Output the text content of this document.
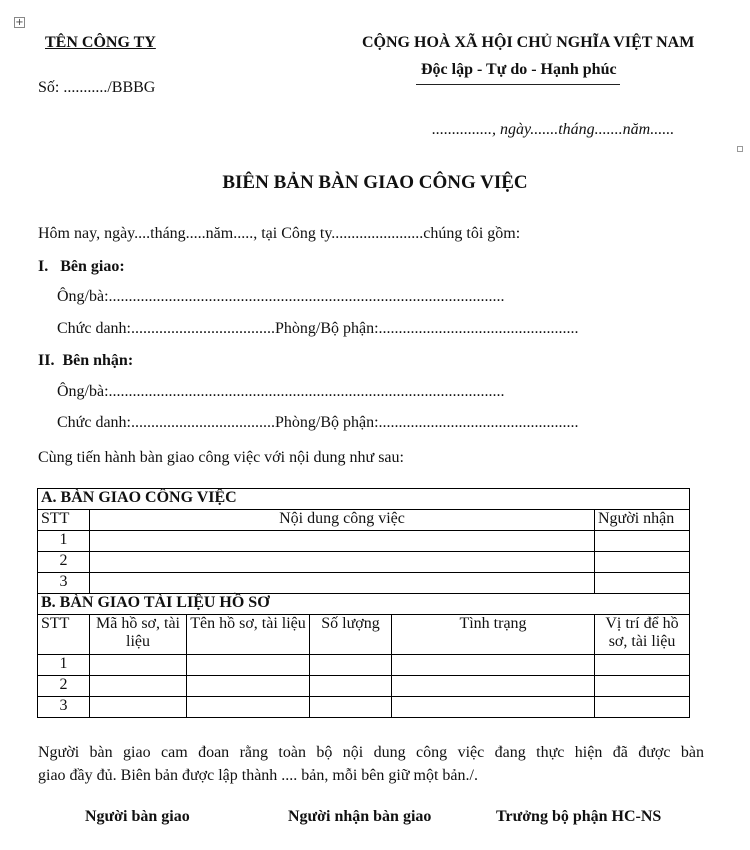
+
TÊN CÔNG TY
Số: .........../BBBG
CỘNG HOÀ XÃ HỘI CHỦ NGHĨA VIỆT NAM
Độc lập - Tự do - Hạnh phúc
..............., ngày.......tháng.......năm......
BIÊN BẢN BÀN GIAO CÔNG VIỆC
Hôm nay, ngày....tháng.....năm....., tại Công ty.......................chúng tôi gồm:
I.   Bên giao:
Ông/bà:...................................................................................................
Chức danh:....................................Phòng/Bộ phận:..................................................
II.  Bên nhận:
Ông/bà:...................................................................................................
Chức danh:....................................Phòng/Bộ phận:..................................................
Cùng tiến hành bàn giao công việc với nội dung như sau:
A. BÀN GIAO CÔNG VIỆC					
STT	Nội dung công việc				Người nhận
1					
2					
3					
B. BÀN GIAO TÀI LIỆU HỒ SƠ					
STT	Mã hồ sơ, tài liệu	Tên hồ sơ, tài liệu	Số lượng	Tình trạng	Vị trí để hồ sơ, tài liệu
1					
2					
3					
Người bàn giao cam đoan rằng toàn bộ nội dung công việc đang thực hiện đã được bàn
giao đầy đủ. Biên bản được lập thành .... bản, mỗi bên giữ một bản./.
Người bàn giao	Người nhận bàn giao	Trưởng bộ phận HC-NS
